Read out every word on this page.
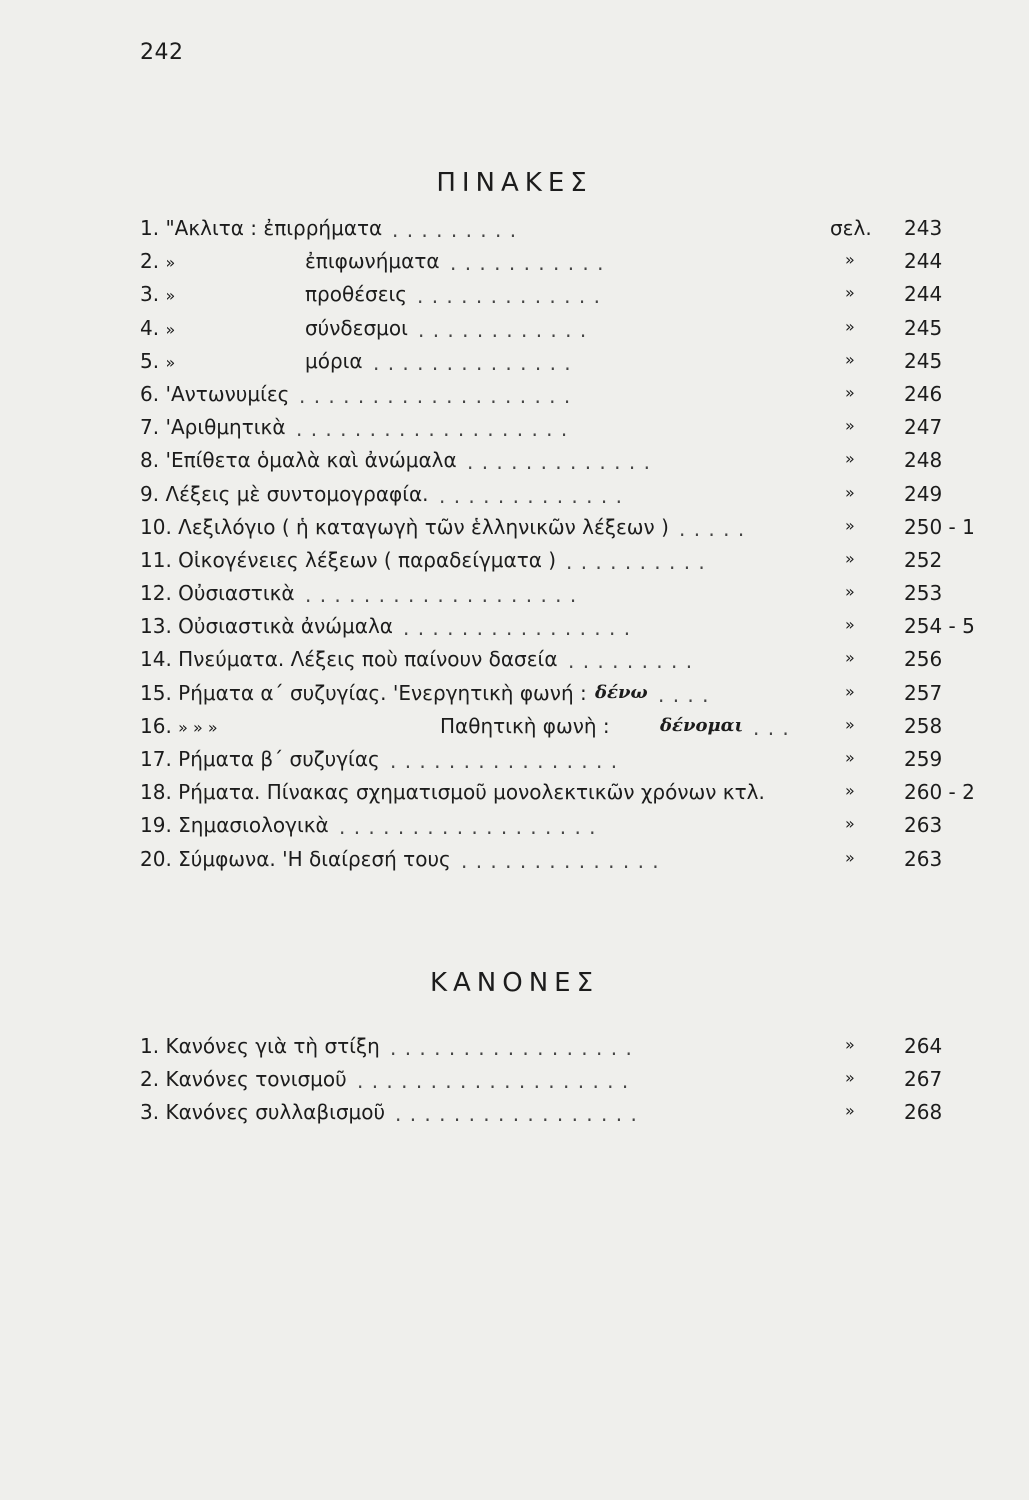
242
ΠΙΝΑΚΕΣ
1. "Ακλιτα : ἐπιρρήματα . . . . . . . . .	σελ. 243
2. »	ἐπιφωνήματα . . . . . . . . . . .	» 244
3. »	προθέσεις . . . . . . . . . . . . .	» 244
4. »	σύνδεσμοι . . . . . . . . . . . .	» 245
5. »	μόρια . . . . . . . . . . . . . .	» 245
6. 'Αντωνυμίες . . . . . . . . . . . . . . . . . . .	» 246
7. 'Αριθμητικὰ . . . . . . . . . . . . . . . . . . .	» 247
8. 'Επίθετα ὁμαλὰ καὶ ἀνώμαλα . . . . . . . . . . . . .	» 248
9. Λέξεις μὲ συντομογραφία. . . . . . . . . . . . . .	» 249
10. Λεξιλόγιο ( ἡ καταγωγὴ τῶν ἑλληνικῶν λέξεων ) . . . . .	» 250 - 1
11. Οἰκογένειες λέξεων ( παραδείγματα ) . . . . . . . . . .	» 252
12. Οὐσιαστικὰ . . . . . . . . . . . . . . . . . . .	» 253
13. Οὐσιαστικὰ ἀνώμαλα . . . . . . . . . . . . . . . .	» 254 - 5
14. Πνεύματα. Λέξεις ποὺ παίνουν δασεία . . . . . . . . .	» 256
15. Ρήματα α΄ συζυγίας. 'Ενεργητικὴ φωνή : δένω . . . .	» 257
16. » » »	Παθητικὴ φωνὴ :	δένομαι . . .	» 258
17. Ρήματα β΄ συζυγίας . . . . . . . . . . . . . . . .	» 259
18. Ρήματα. Πίνακας σχηματισμοῦ μονολεκτικῶν χρόνων κτλ.	» 260 - 2
19. Σημασιολογικὰ . . . . . . . . . . . . . . . . . .	» 263
20. Σύμφωνα. 'Η διαίρεσή τους . . . . . . . . . . . . . .	» 263
ΚΑΝΟΝΕΣ
1. Κανόνες γιὰ τὴ στίξη . . . . . . . . . . . . . . . . .	» 264
2. Κανόνες τονισμοῦ . . . . . . . . . . . . . . . . . . .	» 267
3. Κανόνες συλλαβισμοῦ . . . . . . . . . . . . . . . . .	» 268
